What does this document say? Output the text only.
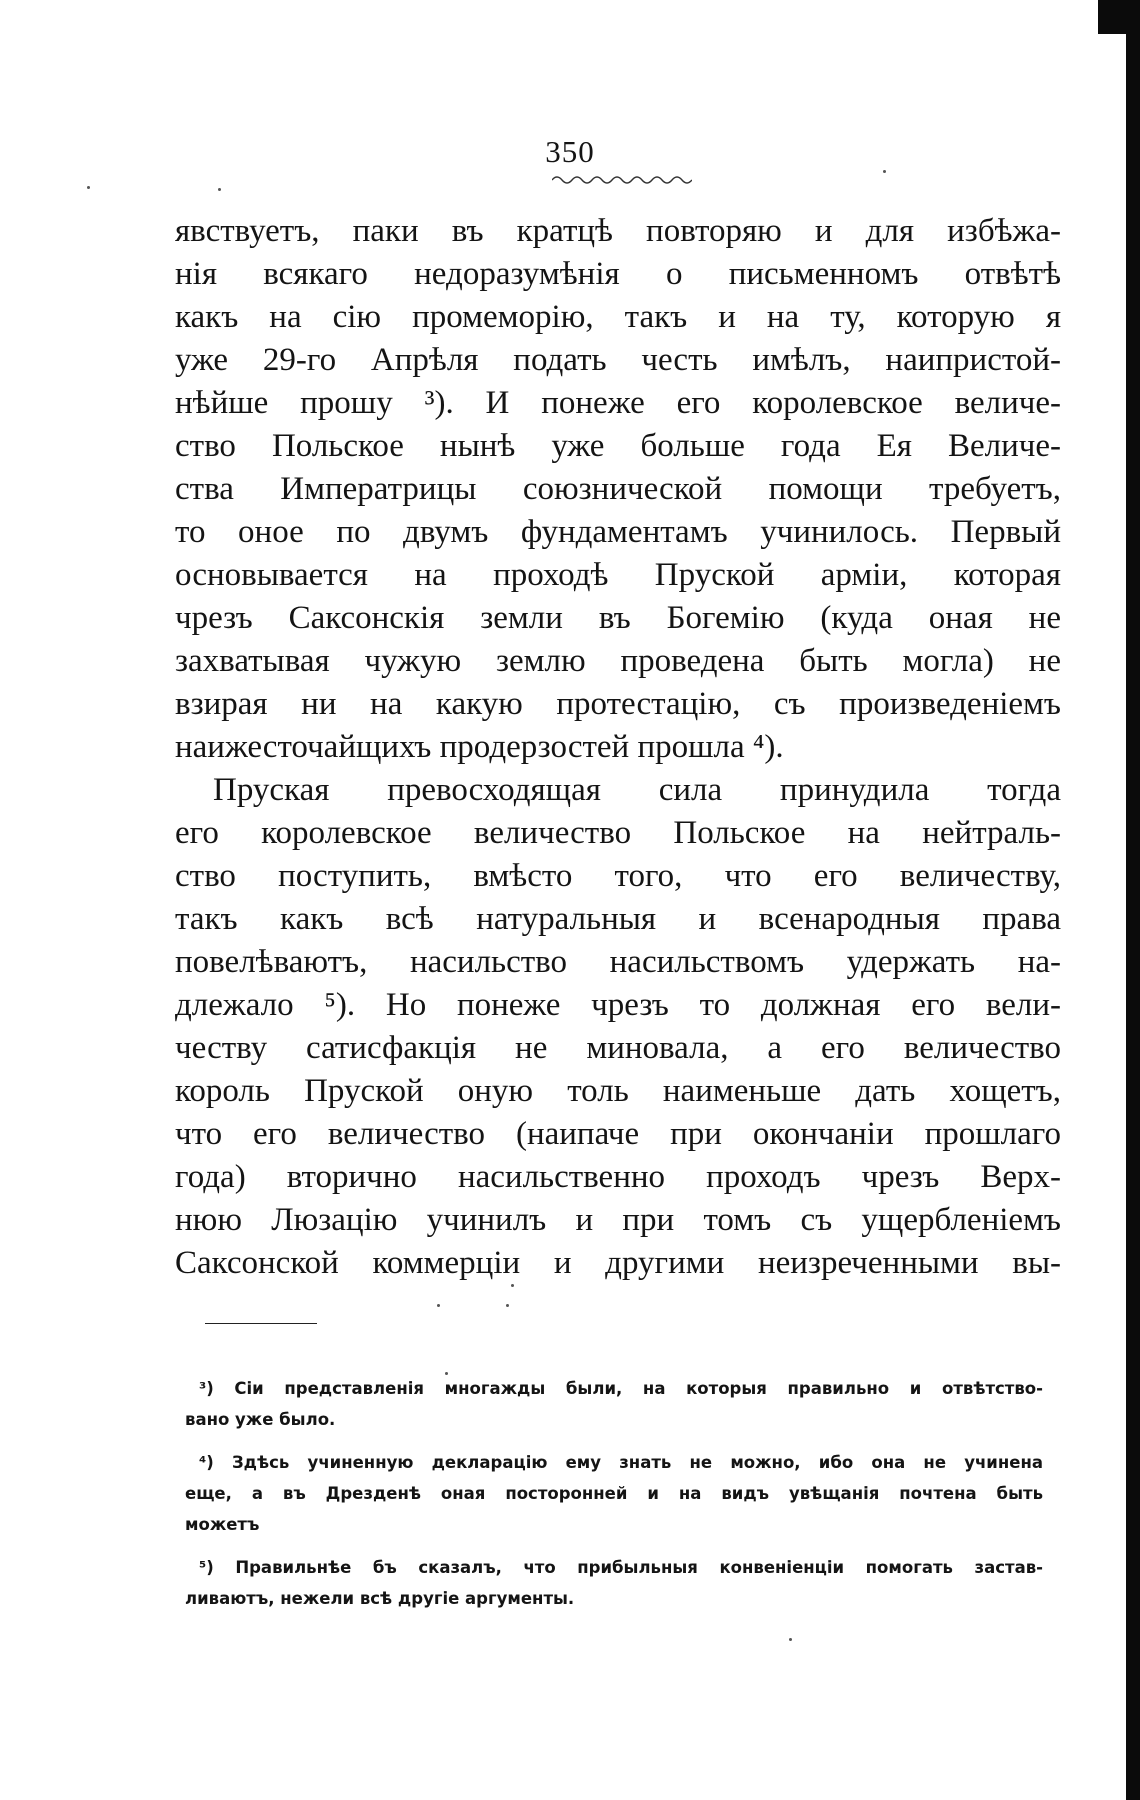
350
явствуетъ, паки въ кратцѣ повторяю и для избѣжа-
нія всякаго недоразумѣнія о письменномъ отвѣтѣ
какъ на сію промеморію, такъ и на ту, которую я
уже 29-го Апрѣля подать честь имѣлъ, наипристой-
нѣйше прошу ³). И понеже его королевское величе-
ство Польское нынѣ уже больше года Ея Величе-
ства Императрицы союзнической помощи требуетъ,
то оное по двумъ фундаментамъ учинилось. Первый
основывается на проходѣ Пруской арміи, которая
чрезъ Саксонскія земли въ Богемію (куда оная не
захватывая чужую землю проведена быть могла) не
взирая ни на какую протестацію, съ произведеніемъ
наижесточайщихъ продерзостей прошла ⁴).
Пруская превосходящая сила принудила тогда
его королевское величество Польское на нейтраль-
ство поступить, вмѣсто того, что его величеству,
такъ какъ всѣ натуральныя и всенародныя права
повелѣваютъ, насильство насильствомъ удержать на-
длежало ⁵). Но понеже чрезъ то должная его вели-
честву сатисфакція не миновала, а его величество
король Пруской оную толь наименьше дать хощетъ,
что его величество (наипаче при окончаніи прошлаго
года) вторично насильственно проходъ чрезъ Верх-
нюю Люзацію учинилъ и при томъ съ ущербленіемъ
Саксонской коммерціи и другими неизреченными вы-
³) Сіи представленія многажды были, на которыя правильно и отвѣтство-
вано уже было.
⁴) Здѣсь учиненную декларацію ему знать не можно, ибо она не учинена
еще, а въ Дрезденѣ оная посторонней и на видъ увѣщанія почтена быть
можетъ
⁵) Правильнѣе бъ сказалъ, что прибыльныя конвеніенціи помогать застав-
ливаютъ, нежели всѣ другіе аргументы.
